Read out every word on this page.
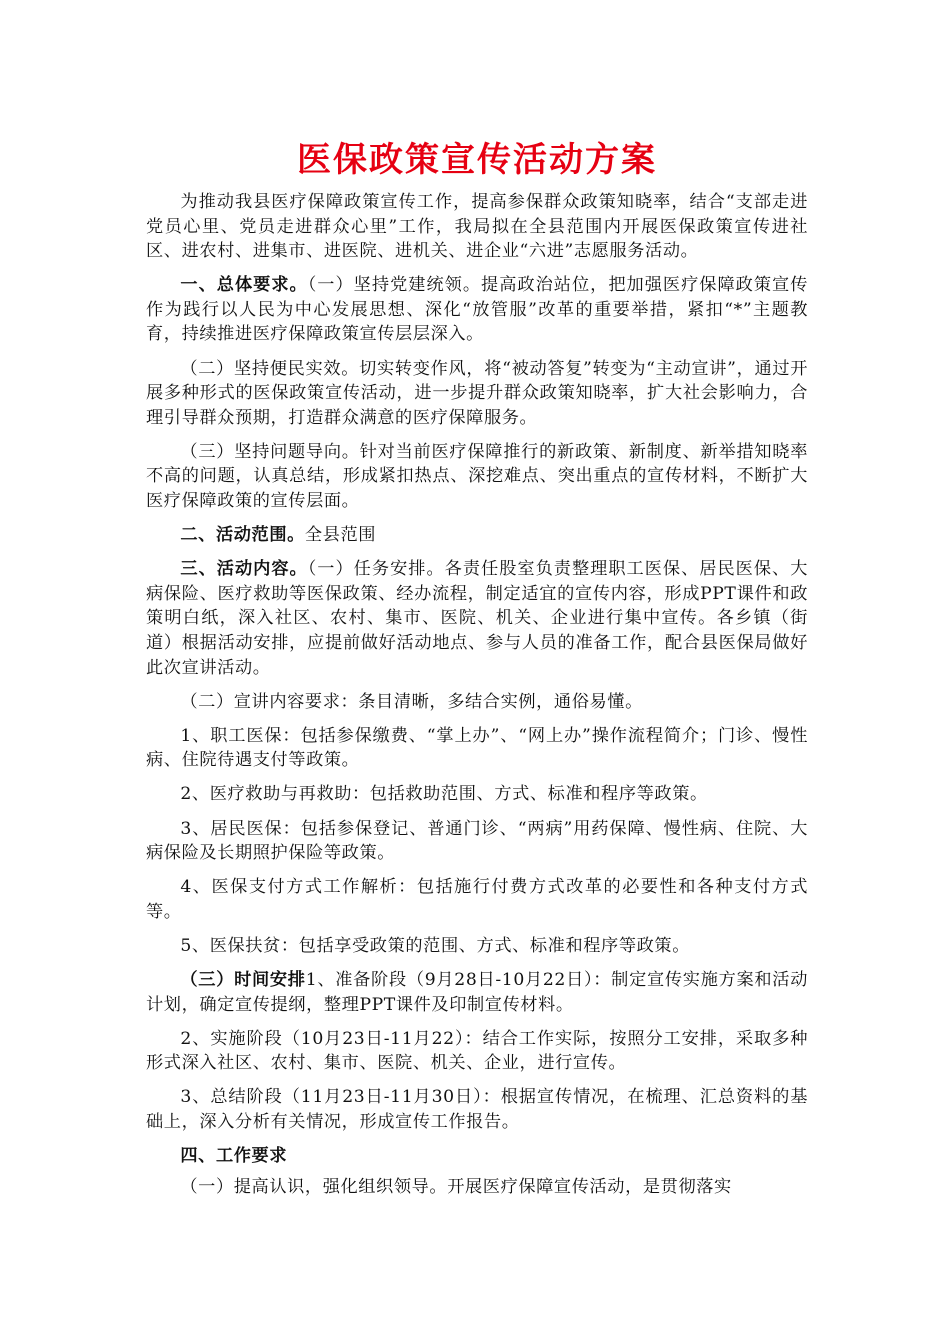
医保政策宣传活动方案

为推动我县医疗保障政策宣传工作，提高参保群众政策知晓率，结合“支部走进党员心里、党员走进群众心里”工作，我局拟在全县范围内开展医保政策宣传进社区、进农村、进集市、进医院、进机关、进企业“六进”志愿服务活动。

一、总体要求。（一）坚持党建统领。提高政治站位，把加强医疗保障政策宣传作为践行以人民为中心发展思想、深化“放管服”改革的重要举措，紧扣“*”主题教育，持续推进医疗保障政策宣传层层深入。

（二）坚持便民实效。切实转变作风，将“被动答复”转变为“主动宣讲”，通过开展多种形式的医保政策宣传活动，进一步提升群众政策知晓率，扩大社会影响力，合理引导群众预期，打造群众满意的医疗保障服务。

（三）坚持问题导向。针对当前医疗保障推行的新政策、新制度、新举措知晓率不高的问题，认真总结，形成紧扣热点、深挖难点、突出重点的宣传材料，不断扩大医疗保障政策的宣传层面。

二、活动范围。全县范围

三、活动内容。（一）任务安排。各责任股室负责整理职工医保、居民医保、大病保险、医疗救助等医保政策、经办流程，制定适宜的宣传内容，形成PPT课件和政策明白纸，深入社区、农村、集市、医院、机关、企业进行集中宣传。各乡镇（街道）根据活动安排，应提前做好活动地点、参与人员的准备工作，配合县医保局做好此次宣讲活动。

（二）宣讲内容要求：条目清晰，多结合实例，通俗易懂。

1、职工医保：包括参保缴费、“掌上办”、“网上办”操作流程简介；门诊、慢性病、住院待遇支付等政策。

2、医疗救助与再救助：包括救助范围、方式、标准和程序等政策。

3、居民医保：包括参保登记、普通门诊、“两病”用药保障、慢性病、住院、大病保险及长期照护保险等政策。

4、医保支付方式工作解析：包括施行付费方式改革的必要性和各种支付方式等。

5、医保扶贫：包括享受政策的范围、方式、标准和程序等政策。

（三）时间安排1、准备阶段（9月28日-10月22日）：制定宣传实施方案和活动计划，确定宣传提纲，整理PPT课件及印制宣传材料。

2、实施阶段（10月23日-11月22）：结合工作实际，按照分工安排，采取多种形式深入社区、农村、集市、医院、机关、企业，进行宣传。

3、总结阶段（11月23日-11月30日）：根据宣传情况，在梳理、汇总资料的基础上，深入分析有关情况，形成宣传工作报告。

四、工作要求

（一）提高认识，强化组织领导。开展医疗保障宣传活动，是贯彻落实
